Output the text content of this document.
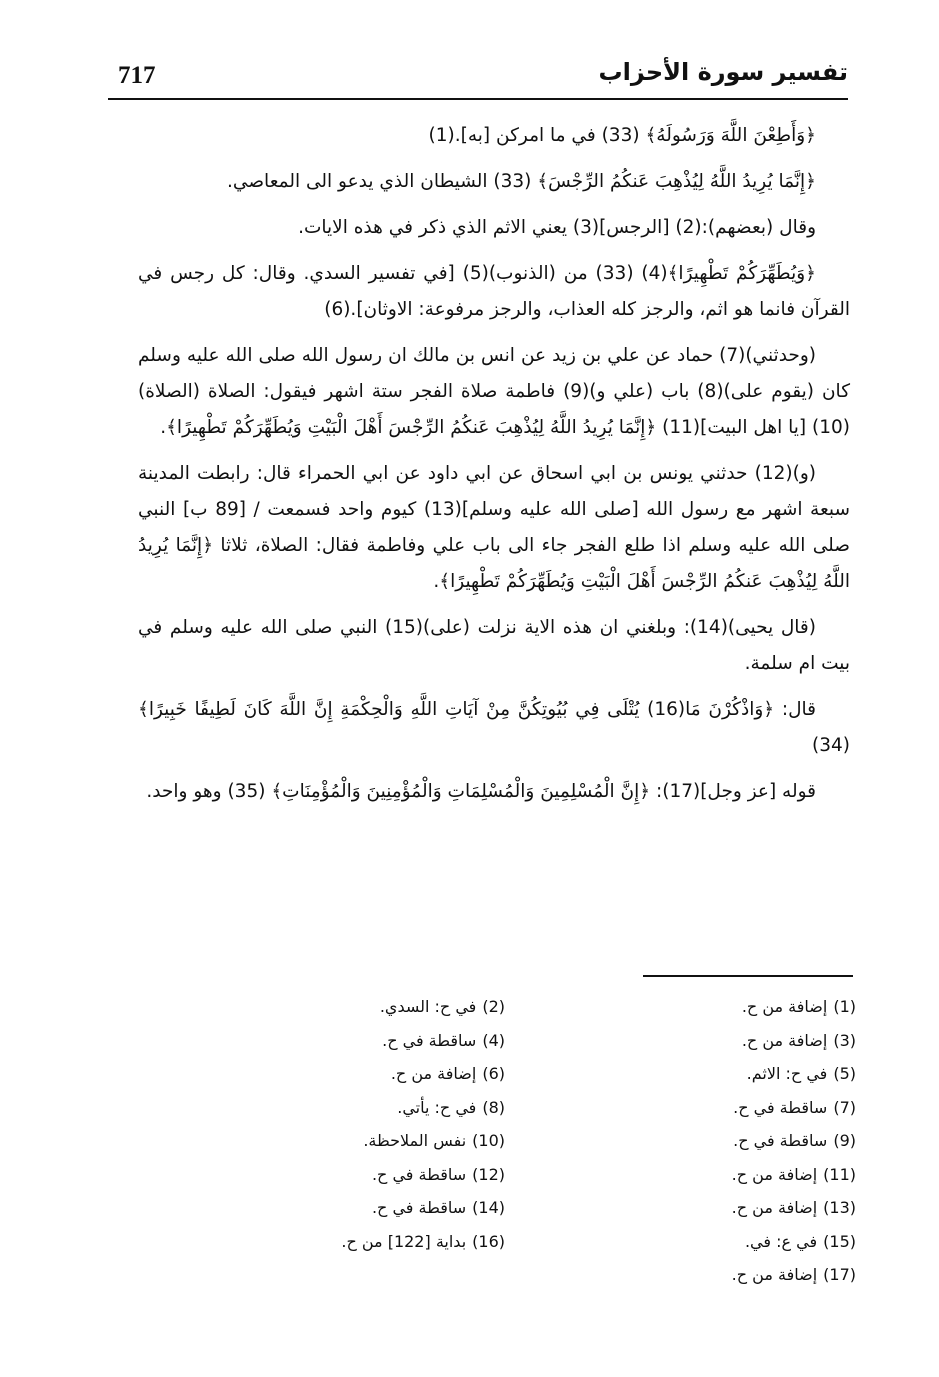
717	تفسير سورة الأحزاب

﴿وَأَطِعْنَ اللَّهَ وَرَسُولَهُ﴾ (33) في ما امركن [به].(1)

﴿إِنَّمَا يُرِيدُ اللَّهُ لِيُذْهِبَ عَنكُمُ الرِّجْسَ﴾ (33) الشيطان الذي يدعو الى المعاصي.

وقال (بعضهم):(2) [الرجس](3) يعني الاثم الذي ذكر في هذه الايات.

﴿وَيُطَهِّرَكُمْ تَطْهِيرًا﴾(4) (33) من (الذنوب)(5) [في تفسير السدي. وقال: كل رجس في القرآن فانما هو اثم، والرجز كله العذاب، والرجز مرفوعة: الاوثان].(6)

(وحدثني)(7) حماد عن علي بن زيد عن انس بن مالك ان رسول الله صلى الله عليه وسلم كان (يقوم على)(8) باب (علي و)(9) فاطمة صلاة الفجر ستة اشهر فيقول: الصلاة (الصلاة)(10) [يا اهل البيت](11) ﴿إِنَّمَا يُرِيدُ اللَّهُ لِيُذْهِبَ عَنكُمُ الرِّجْسَ أَهْلَ الْبَيْتِ وَيُطَهِّرَكُمْ تَطْهِيرًا﴾.

(و)(12) حدثني يونس بن ابي اسحاق عن ابي داود عن ابي الحمراء قال: رابطت المدينة سبعة اشهر مع رسول الله [صلى الله عليه وسلم](13) كيوم واحد فسمعت / [89 ب] النبي صلى الله عليه وسلم اذا طلع الفجر جاء الى باب علي وفاطمة فقال: الصلاة، ثلاثا ﴿إِنَّمَا يُرِيدُ اللَّهُ لِيُذْهِبَ عَنكُمُ الرِّجْسَ أَهْلَ الْبَيْتِ وَيُطَهِّرَكُمْ تَطْهِيرًا﴾.

(قال يحيى)(14): وبلغني ان هذه الاية نزلت (على)(15) النبي صلى الله عليه وسلم في بيت ام سلمة.

قال: ﴿وَاذْكُرْنَ مَا(16) يُتْلَى فِي بُيُوتِكُنَّ مِنْ آيَاتِ اللَّهِ وَالْحِكْمَةِ إِنَّ اللَّهَ كَانَ لَطِيفًا خَبِيرًا﴾ (34)

قوله [عز وجل](17): ﴿إِنَّ الْمُسْلِمِينَ وَالْمُسْلِمَاتِ وَالْمُؤْمِنِينَ وَالْمُؤْمِنَاتِ﴾ (35) وهو واحد.

(1)إضافة من ح.
(3)إضافة من ح.
(5)في ح: الاثم.
(7)ساقطة في ح.
(9)ساقطة في ح.
(11)إضافة من ح.
(13)إضافة من ح.
(15)في ع: في.
(17)إضافة من ح.
(2)في ح: السدي.
(4)ساقطة في ح.
(6)إضافة من ح.
(8)في ح: يأتي.
(10)نفس الملاحظة.
(12)ساقطة في ح.
(14)ساقطة في ح.
(16)بداية [122] من ح.
